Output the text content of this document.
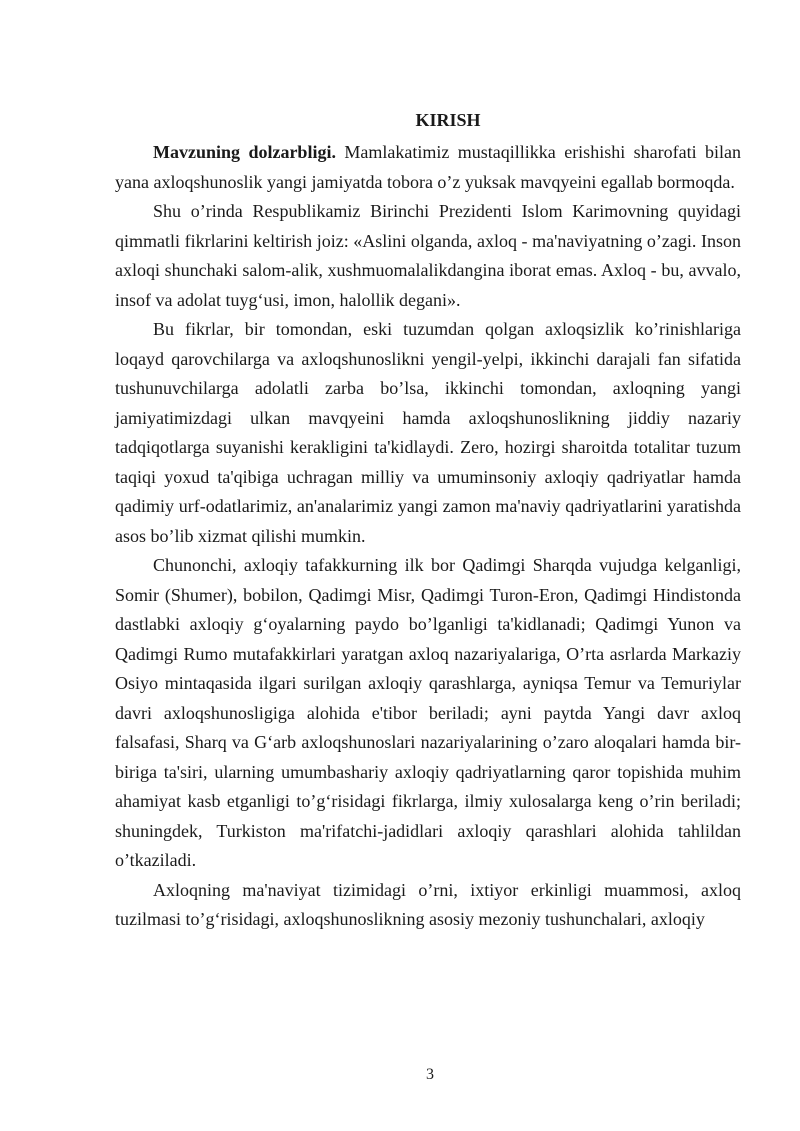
KIRISH

Mavzuning dolzarbligi. Mamlakatimiz mustaqillikka erishishi sharofati bilan yana axloqshunoslik yangi jamiyatda tobora o’z yuksak mavqyeini egallab bormoqda.

Shu o’rinda Respublikamiz Birinchi Prezidenti Islom Karimovning quyidagi qimmatli fikrlarini keltirish joiz: «Aslini olganda, axloq - ma'naviyatning o’zagi. Inson axloqi shunchaki salom-alik, xushmuomalalikdangina iborat emas. Axloq - bu, avvalo, insof va adolat tuyg‘usi, imon, halollik degani».

Bu fikrlar, bir tomondan, eski tuzumdan qolgan axloqsizlik ko’rinishlariga loqayd qarovchilarga va axloqshunoslikni yengil-yelpi, ikkinchi darajali fan sifatida tushunuvchilarga adolatli zarba bo’lsa, ikkinchi tomondan, axloqning yangi jamiyatimizdagi ulkan mavqyeini hamda axloqshunoslikning jiddiy nazariy tadqiqotlarga suyanishi kerakligini ta'kidlaydi. Zero, hozirgi sharoitda totalitar tuzum taqiqi yoxud ta'qibiga uchragan milliy va umuminsoniy axloqiy qadriyatlar hamda qadimiy urf-odatlarimiz, an'analarimiz yangi zamon ma'naviy qadriyatlarini yaratishda asos bo’lib xizmat qilishi mumkin.

Chunonchi, axloqiy tafakkurning ilk bor Qadimgi Sharqda vujudga kelganligi, Somir (Shumer), bobilon, Qadimgi Misr, Qadimgi Turon-Eron, Qadimgi Hindistonda dastlabki axloqiy g‘oyalarning paydo bo’lganligi ta'kidlanadi; Qadimgi Yunon va Qadimgi Rumo mutafakkirlari yaratgan axloq nazariyalariga, O’rta asrlarda Markaziy Osiyo mintaqasida ilgari surilgan axloqiy qarashlarga, ayniqsa Temur va Temuriylar davri axloqshunosligiga alohida e'tibor beriladi; ayni paytda Yangi davr axloq falsafasi, Sharq va G‘arb axloqshunoslari nazariyalarining o’zaro aloqalari hamda bir-biriga ta'siri, ularning umumbashariy axloqiy qadriyatlarning qaror topishida muhim ahamiyat kasb etganligi to’g‘risidagi fikrlarga, ilmiy xulosalarga keng o’rin beriladi; shuningdek, Turkiston ma'rifatchi-jadidlari axloqiy qarashlari alohida tahlildan o’tkaziladi.

Axloqning ma'naviyat tizimidagi o’rni, ixtiyor erkinligi muammosi, axloq tuzilmasi to’g‘risidagi, axloqshunoslikning asosiy mezoniy tushunchalari, axloqiy

3
